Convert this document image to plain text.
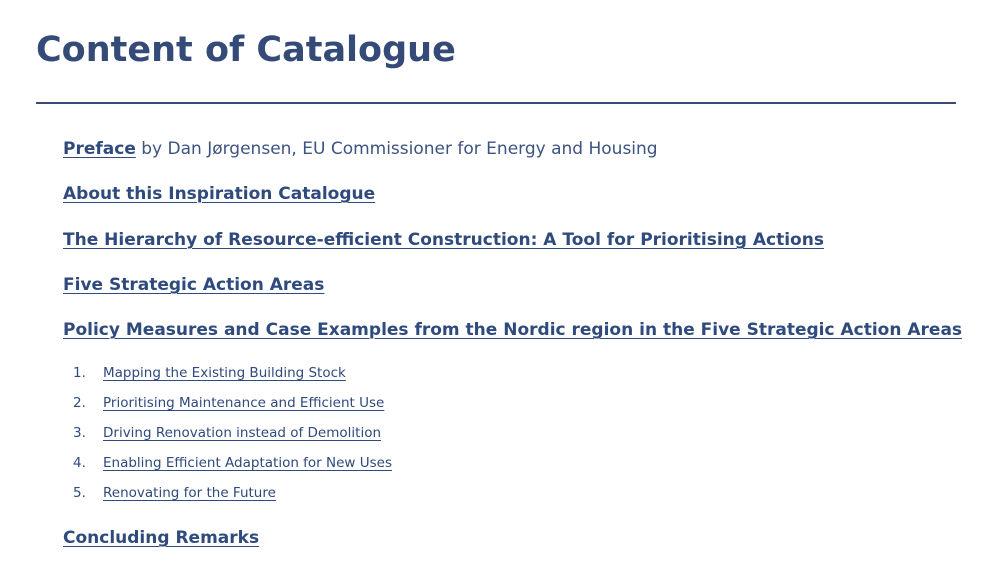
Content of Catalogue

Preface by Dan Jørgensen, EU Commissioner for Energy and Housing

About this Inspiration Catalogue

The Hierarchy of Resource-efficient Construction: A Tool for Prioritising Actions

Five Strategic Action Areas

Policy Measures and Case Examples from the Nordic region in the Five Strategic Action Areas

1. Mapping the Existing Building Stock
2. Prioritising Maintenance and Efficient Use
3. Driving Renovation instead of Demolition
4. Enabling Efficient Adaptation for New Uses
5. Renovating for the Future

Concluding Remarks
